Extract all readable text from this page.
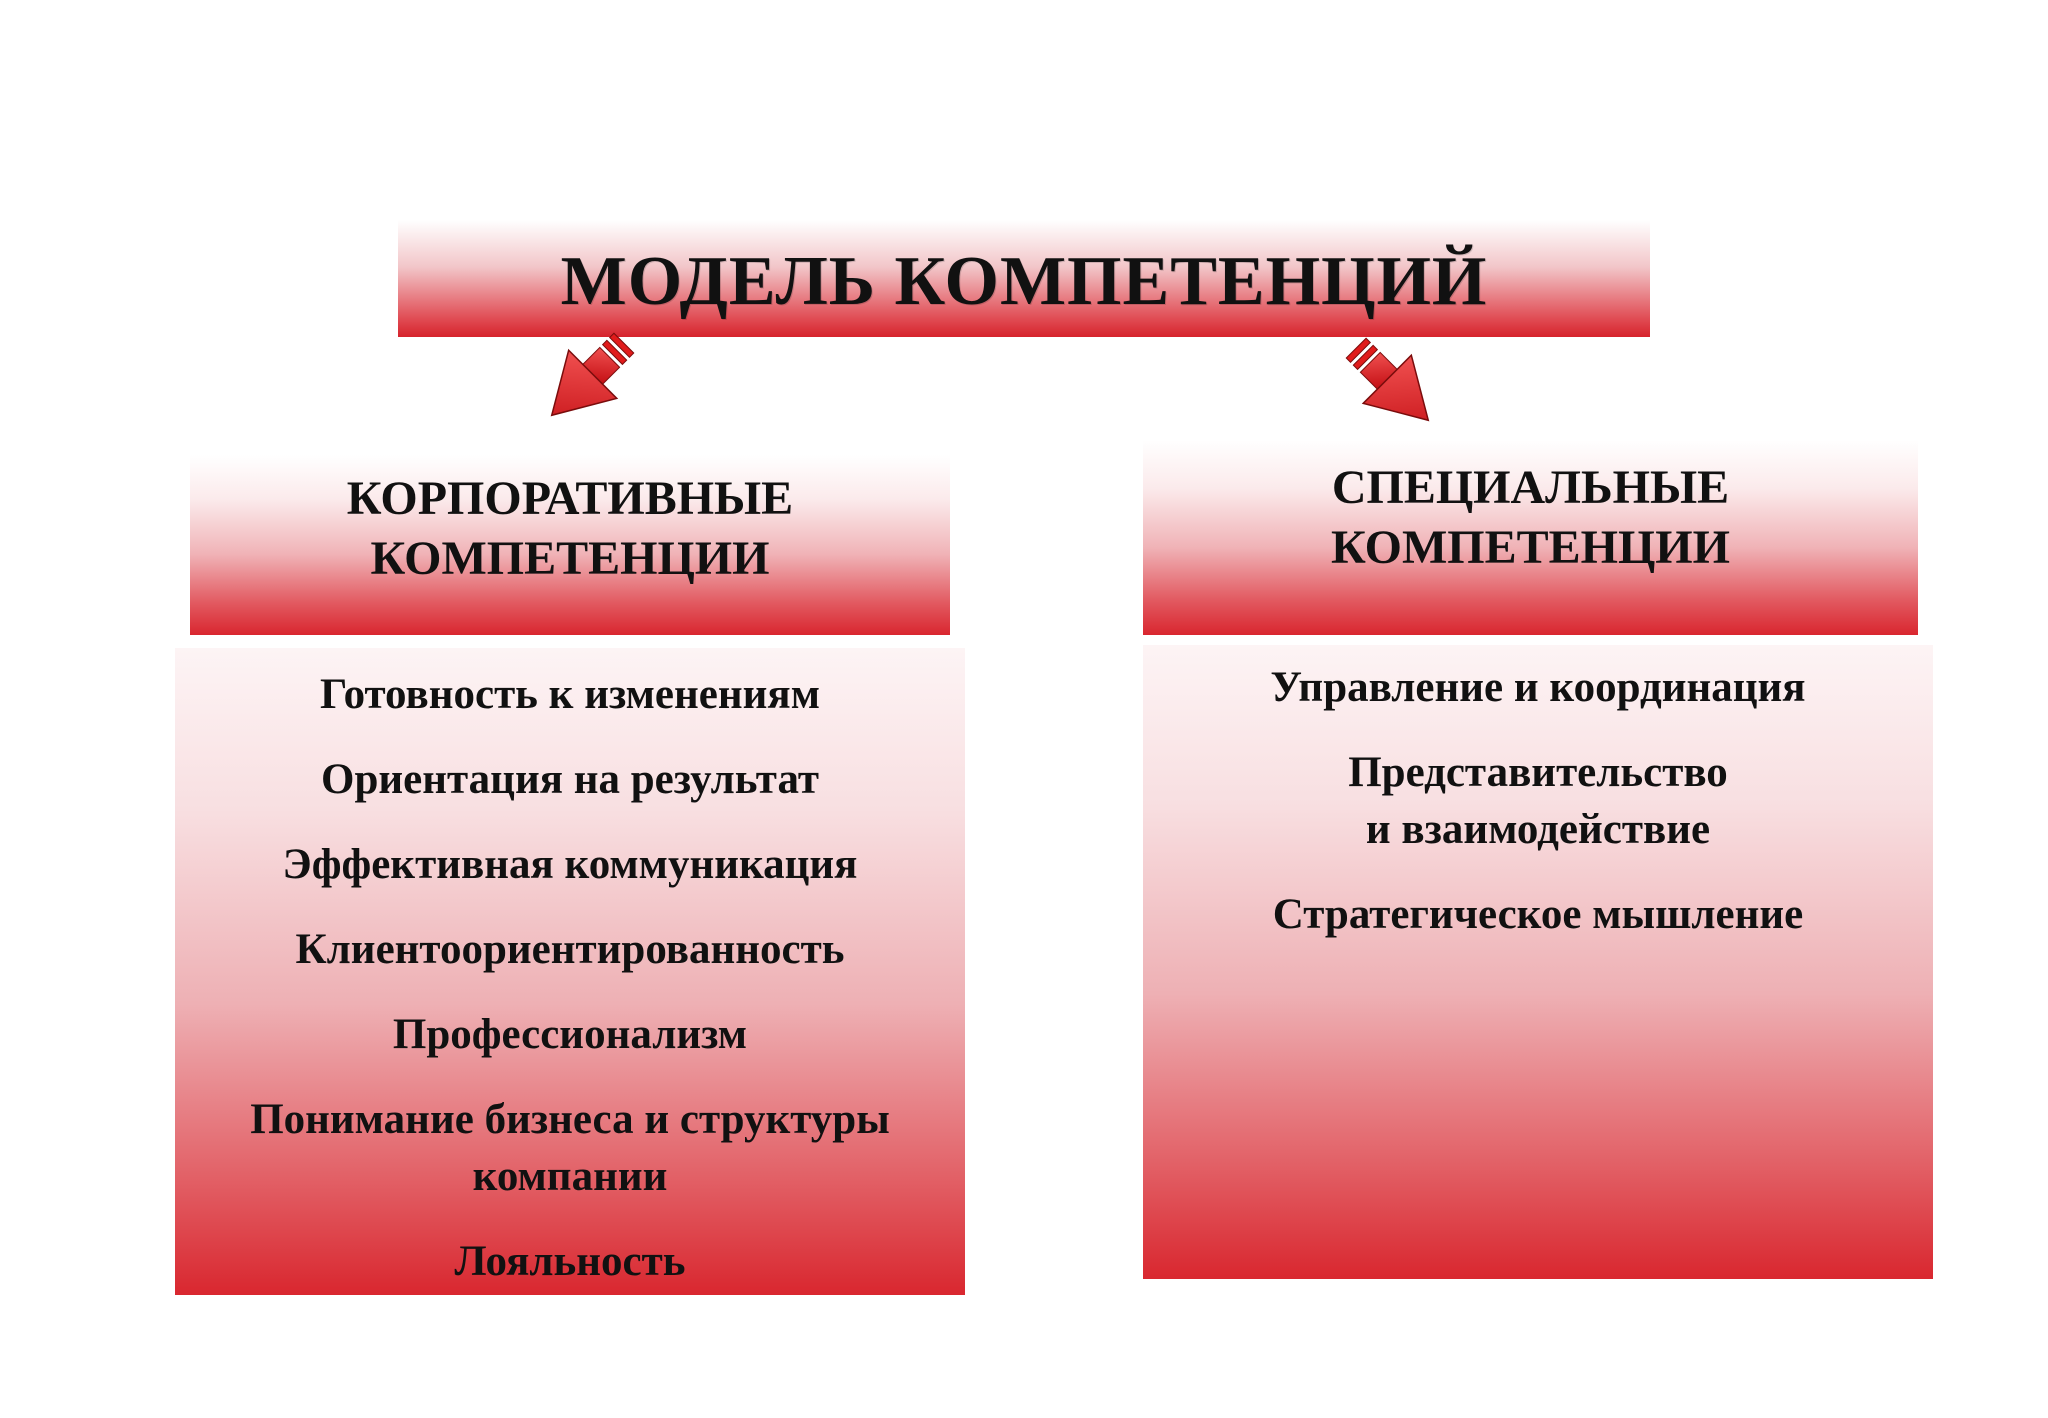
МОДЕЛЬ КОМПЕТЕНЦИЙ
КОРПОРАТИВНЫЕ
КОМПЕТЕНЦИИ
СПЕЦИАЛЬНЫЕ
КОМПЕТЕНЦИИ
Готовность к изменениям
Ориентация на результат
Эффективная коммуникация
Клиентоориентированность
Профессионализм
Понимание бизнеса и структуры компании
Лояльность
Управление и координация
Представительство и взаимодействие
Стратегическое мышление
